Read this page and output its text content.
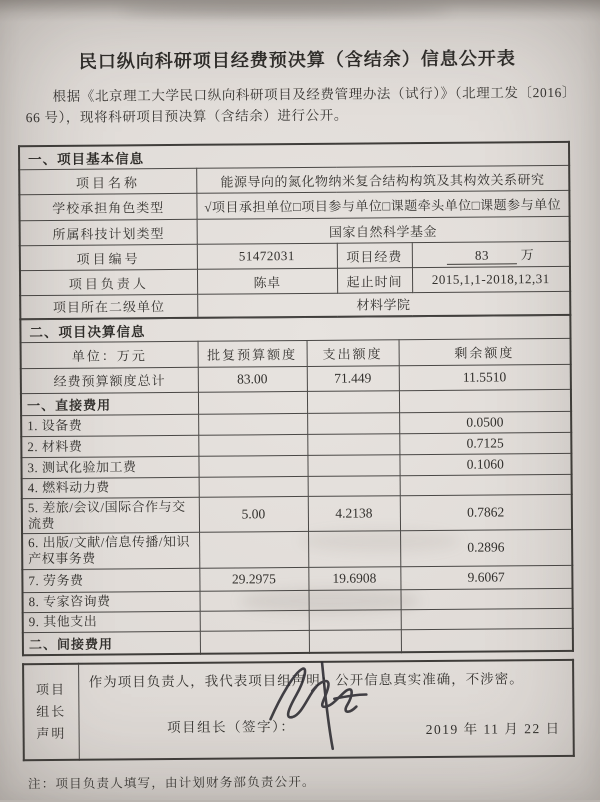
民口纵向科研项目经费预决算（含结余）信息公开表

根据《北京理工大学民口纵向科研项目及经费管理办法（试行）》（北理工发〔2016〕66 号），现将科研项目预决算（含结余）进行公开。

一、项目基本信息			
项目名称	能源导向的氮化物纳米复合结构构筑及其构效关系研究		
学校承担角色类型	√项目承担单位□项目参与单位□课题牵头单位□课题参与单位		
所属科技计划类型	国家自然科学基金		
项目编号	51472031	项目经费	83 万
项目负责人	陈卓	起止时间	2015,1,1-2018,12,31
项目所在二级单位	材料学院		
二、项目决算信息			
单位：万元	批复预算额度	支出额度	剩余额度
经费预算额度总计	83.00	71.449	11.5510
一、直接费用			
1. 设备费			0.0500
2. 材料费			0.7125
3. 测试化验加工费			0.1060
4. 燃料动力费			
5. 差旅/会议/国际合作与交流费	5.00	4.2138	0.7862
6. 出版/文献/信息传播/知识产权事务费			0.2896
7. 劳务费	29.2975	19.6908	9.6067
8. 专家咨询费			
9. 其他支出			
二、间接费用			
项目
组长
声明

作为项目负责人，我代表项目组声明：公开信息真实准确，不涉密。
项目组长（签字）：	2019 年 11 月 22 日
注：项目负责人填写，由计划财务部负责公开。
